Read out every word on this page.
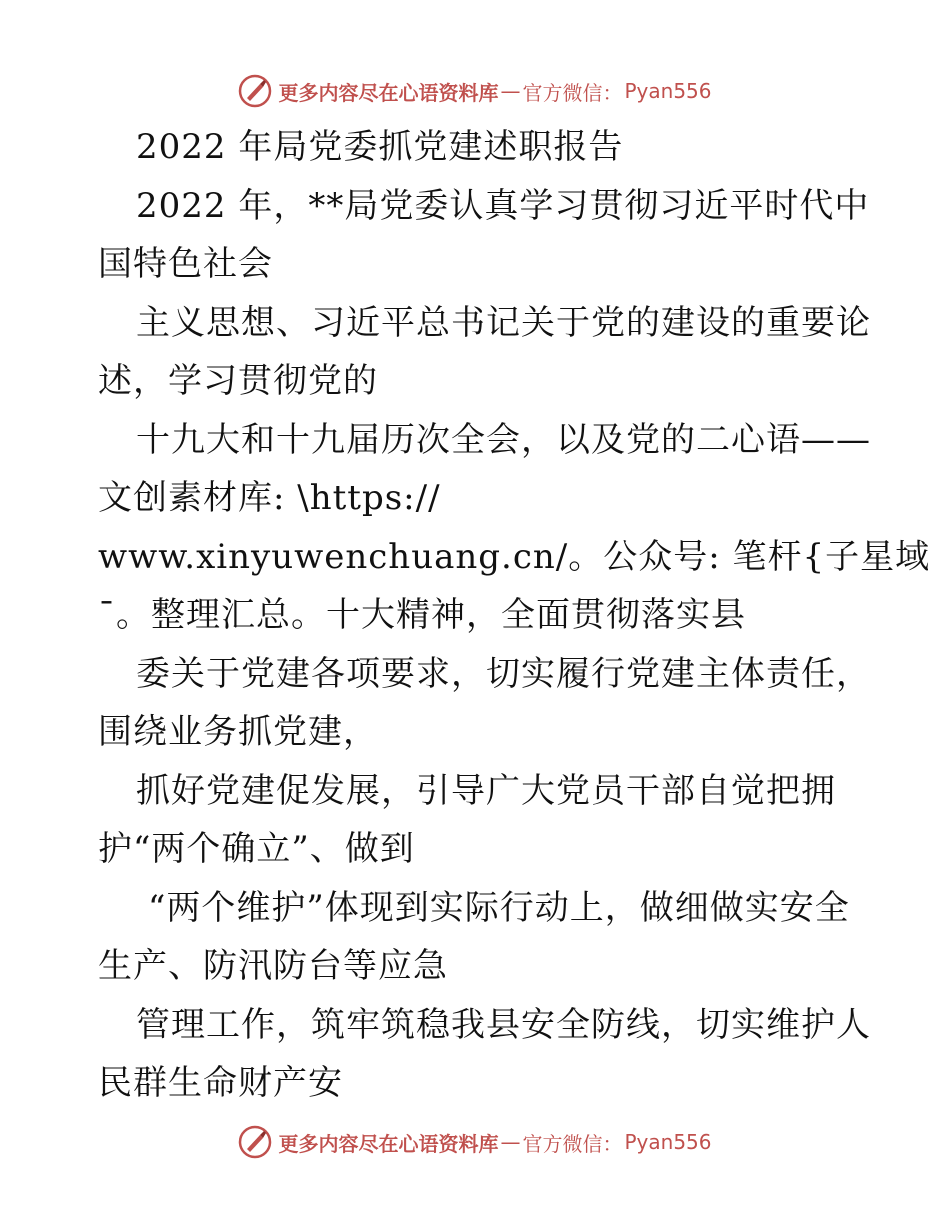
更多内容尽在心语资料库 — 官方微信： Pyan556
2022 年局党委抓党建述职报告
2022 年，**局党委认真学习贯彻习近平时代中
国特色社会
主义思想、习近平总书记关于党的建设的重要论
述，学习贯彻党的
十九大和十九届历次全会，以及党的二心语——
文创素材库: \https://
www.xinyuwenchuang.cn/。公众号: 笔杆{子星域
¯。整理汇总。十大精神，全面贯彻落实县
委关于党建各项要求，切实履行党建主体责任，
围绕业务抓党建，
抓好党建促发展，引导广大党员干部自觉把拥
护“两个确立”、做到
“两个维护”体现到实际行动上，做细做实安全
生产、防汛防台等应急
管理工作，筑牢筑稳我县安全防线，切实维护人
民群生命财产安
更多内容尽在心语资料库 — 官方微信： Pyan556
